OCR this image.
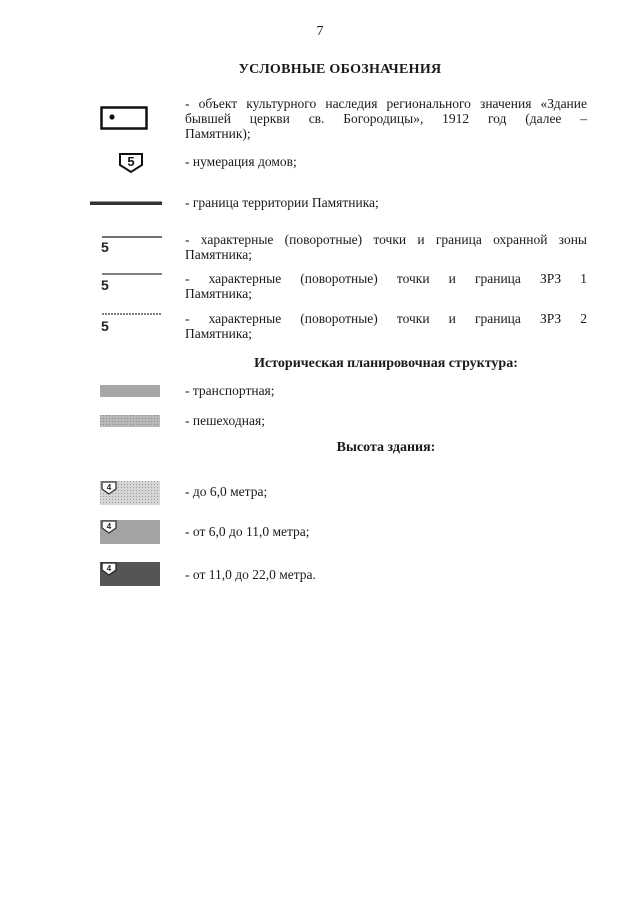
7
УСЛОВНЫЕ ОБОЗНАЧЕНИЯ
- объект культурного наследия регионального значения «Здание бывшей церкви св. Богородицы», 1912 год (далее –
Памятник);
5	- нумерация домов;
- граница территории Памятника;
5	- характерные (поворотные) точки и граница охранной зоны
Памятника;
5	- характерные (поворотные) точки и граница ЗРЗ 1
Памятника;
5	- характерные (поворотные) точки и граница ЗРЗ 2
Памятника;
Историческая планировочная структура:
- транспортная;
- пешеходная;
Высота здания:
4	- до 6,0 метра;
4	- от 6,0 до 11,0 метра;
4	- от 11,0 до 22,0 метра.
